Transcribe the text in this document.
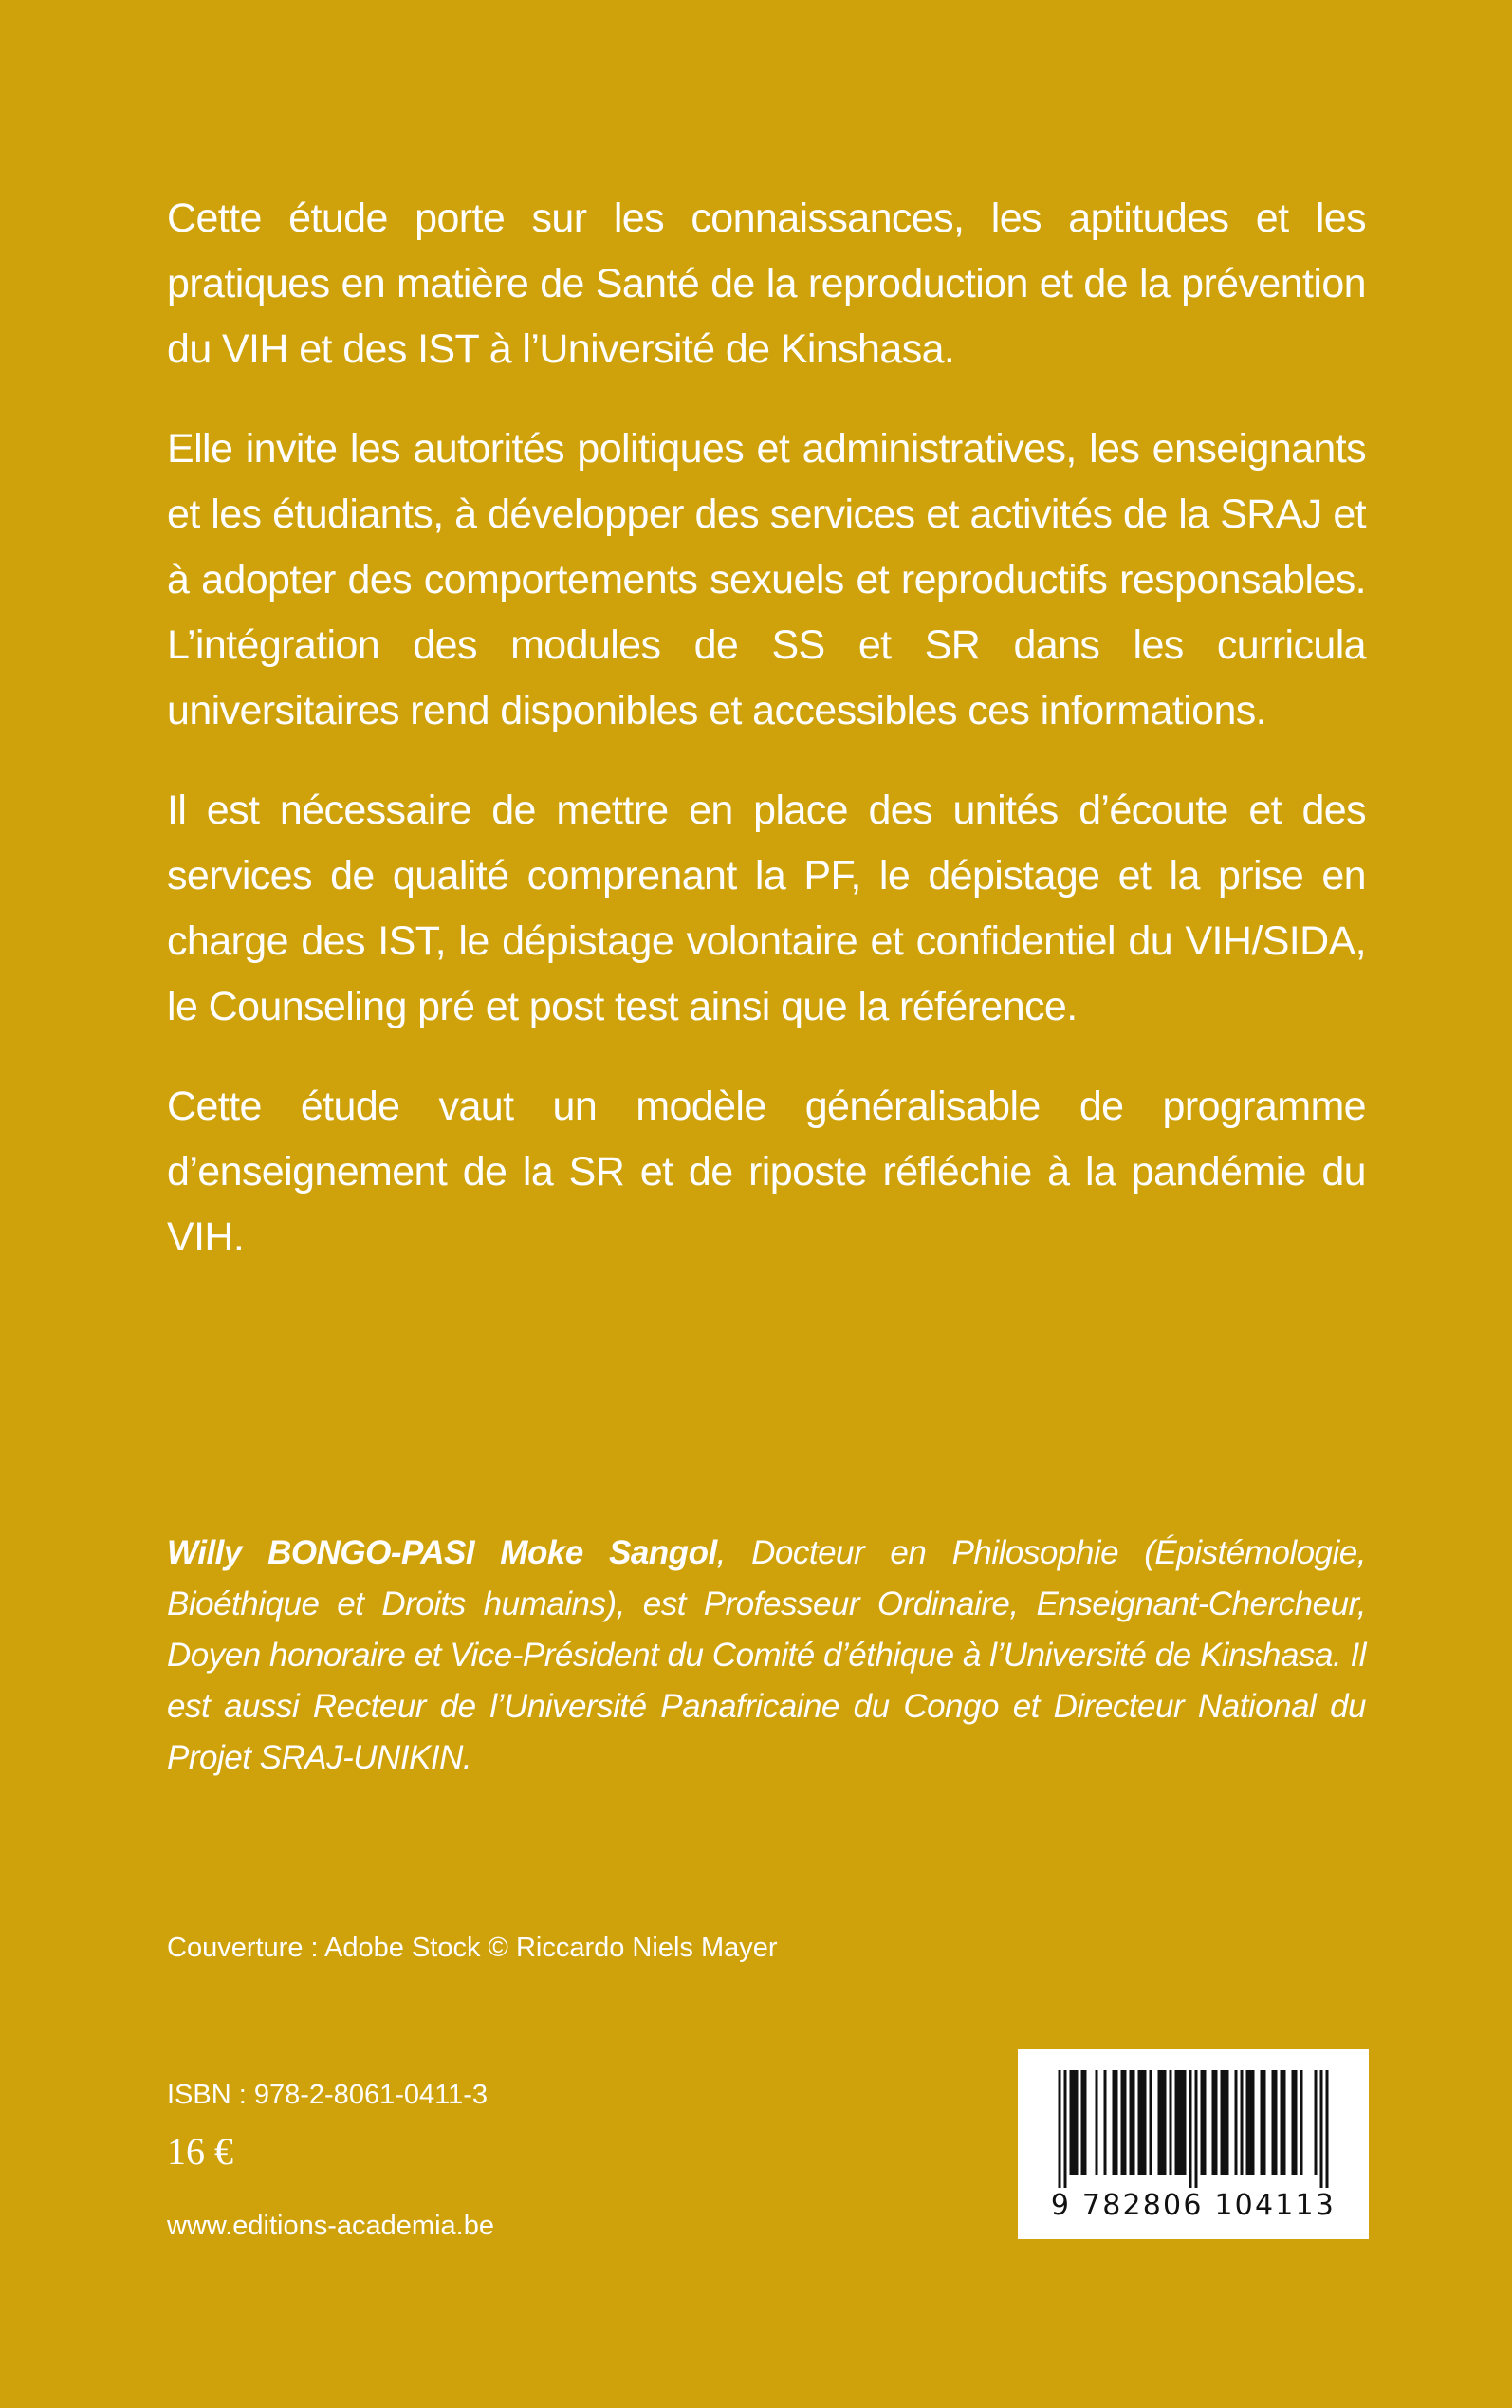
Cette étude porte sur les connaissances, les aptitudes et les pratiques en matière de Santé de la reproduction et de la prévention du VIH et des IST à l’Université de Kinshasa.

Elle invite les autorités politiques et administratives, les enseignants et les étudiants, à développer des services et activités de la SRAJ et à adopter des comportements sexuels et reproductifs responsables. L’intégration des modules de SS et SR dans les curricula universitaires rend disponibles et accessibles ces informations.

Il est nécessaire de mettre en place des unités d’écoute et des services de qualité comprenant la PF, le dépistage et la prise en charge des IST, le dépistage volontaire et confidentiel du VIH/SIDA, le Counseling pré et post test ainsi que la référence.

Cette étude vaut un modèle généralisable de programme d’enseignement de la SR et de riposte réfléchie à la pandémie du VIH.

Willy BONGO-PASI Moke Sangol, Docteur en Philosophie (Épistémologie, Bioéthique et Droits humains), est Professeur Ordinaire, Enseignant-Chercheur, Doyen honoraire et Vice-Président du Comité d’éthique à l’Université de Kinshasa. Il est aussi Recteur de l’Université Panafricaine du Congo et Directeur National du Projet SRAJ-UNIKIN.
Couverture : Adobe Stock © Riccardo Niels Mayer
ISBN : 978-2-8061-0411-3
16 €
www.editions-academia.be
9 782806 104113
